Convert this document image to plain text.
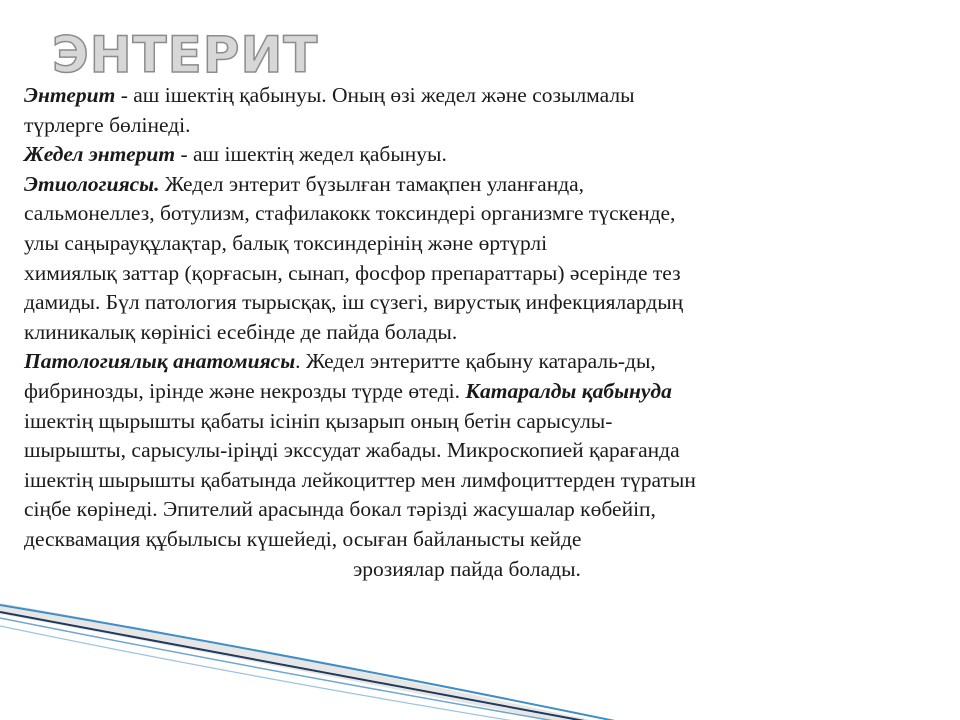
ЭНТЕРИТ
Энтерит - аш ішектің қабынуы. Оның өзі жедел және созылмалы
түрлерге бөлінеді.
Жедел энтерит - аш ішектің жедел қабынуы.
Этиологиясы. Жедел энтерит бүзылған тамақпен уланғанда,
сальмонеллез, ботулизм, стафилакокк токсиндері организмге түскенде,
улы саңырауқұлақтар, балық токсиндерінің және өртүрлі
химиялық заттар (қорғасын, сынап, фосфор препараттары) әсерінде тез
дамиды. Бүл патология тырысқақ, іш сүзегі, вирустық инфекциялардың
клиникалық көрінісі есебінде де пайда болады.
Патологиялық анатомиясы. Жедел энтеритте қабыну катараль-ды,
фибринозды, ірінде және некрозды түрде өтеді. Катаралды қабынуда
ішектің щырышты қабаты ісініп қызарып оның бетін сарысулы-
шырышты, сарысулы-іріңді экссудат жабады. Микроскопией қарағанда
ішектің шырышты қабатында лейкоциттер мен лимфоциттерден түратын
сіңбе көрінеді. Эпителий арасында бокал тәрізді жасушалар көбейіп,
десквамация құбылысы күшейеді, осыған байланысты кейде
эрозиялар пайда болады.
